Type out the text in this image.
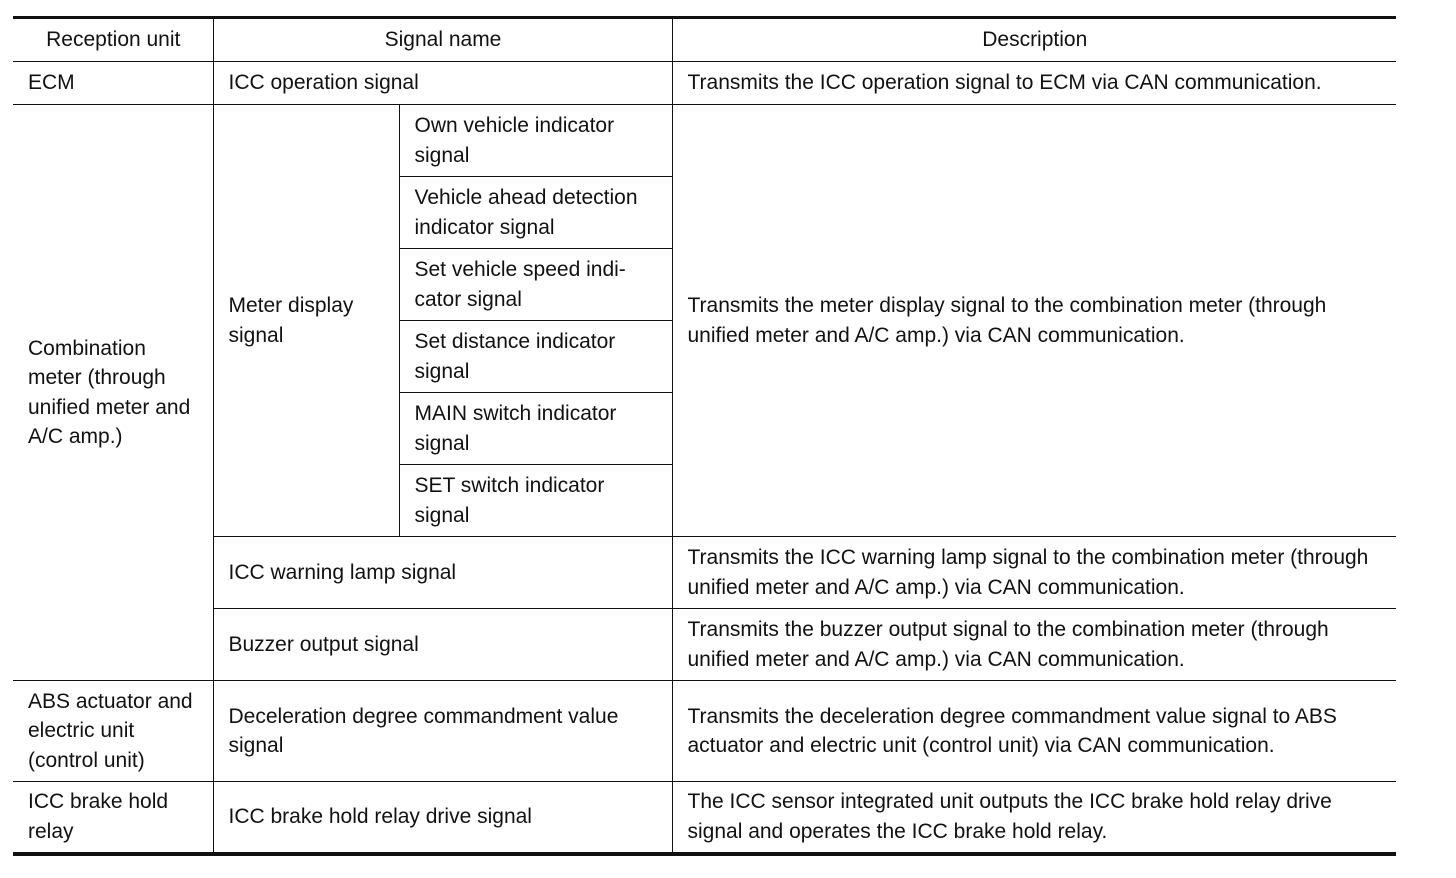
Reception unit	Signal name		Description
ECM	ICC operation signal		Transmits the ICC operation signal to ECM via CAN communication.
Combination meter (through unified meter and A/C amp.)	Meter display signal	Own vehicle indicator signal	Transmits the meter display signal to the combination meter (through unified meter and A/C amp.) via CAN communication.
		Vehicle ahead detection indicator signal	
		Set vehicle speed indi-cator signal	
		Set distance indicator signal	
		MAIN switch indicator signal	
		SET switch indicator signal	
	ICC warning lamp signal		Transmits the ICC warning lamp signal to the combination meter (through unified meter and A/C amp.) via CAN communication.
	Buzzer output signal		Transmits the buzzer output signal to the combination meter (through unified meter and A/C amp.) via CAN communication.
ABS actuator and electric unit (control unit)	Deceleration degree commandment value signal		Transmits the deceleration degree commandment value signal to ABS actuator and electric unit (control unit) via CAN communication.
ICC brake hold relay	ICC brake hold relay drive signal		The ICC sensor integrated unit outputs the ICC brake hold relay drive signal and operates the ICC brake hold relay.
